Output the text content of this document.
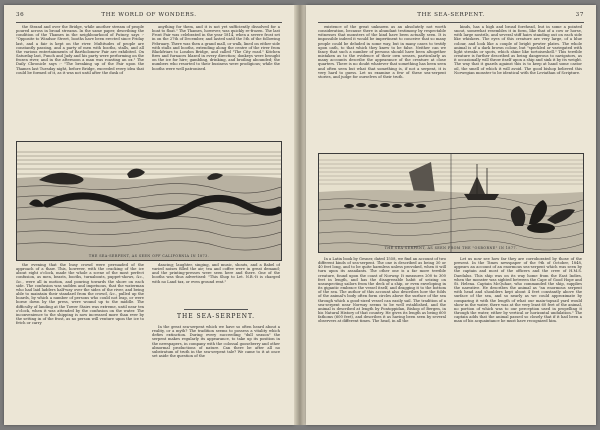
36	THE WORLD OF WONDERS.

the Strand and over the Bridge, while another stream of people poured across in broad streams. In the same paper, describing the condition of the Thames in the neighbourhood of Putney, says :- "Opposite to Windsor Street, booths have been erected since Friday last, and a fair is kept on the river. Multitudes of people are constantly passing, and a party of men with booths, stalls, and all the various entertainments of Bartholomew Fair are exhibited. On Saturday last, Punch and Judy and his party were performing on the frozen river, and in the afternoon a man was roasting an ox." The Daily Chronicle says :- "The breaking up of the Fair upon the Thames last Tuesday night, before Bridge, exceeded every idea that could be formed of it, as it was not until after the dusk of

anything for them, and it is not yet sufficiently dissolved for a boat to float." The Thames, however, was quickly re-frozen. The last Frost Fair was celebrated in the year 1814, when a severe frost set in on the 27th of December, and lasted until the 5th of the following February. There was then a grand mall, or walk, lined on either side with stalls and booths, extending along the centre of the river from Blackfriars to London Bridge, and called "The City road." Kitchen fires and furnaces blazed in every direction; donkeys were brought on the ice for hire; gambling, drinking, and broiling abounded; the numbers who resorted to their business were prodigious; while the booths were well patronised.

THE SEA-SERPENT, AS SEEN OFF CALIFORNIA IN 1873.

the evening that the busy crowd were persuaded of the approach of a thaw. This, however, with the cracking of the ice about eight o'clock, made the whole a scene of the most perfect confusion, as men, beasts, booths, turnabouts, puppet-shows, &c., &c., were all in motion, and pouring towards the shore on each side. The confusion was sudden and impetuous, that the waterman who had laid ladders half-way over the sides of the river, and being able to maintain their standard from the crowd, &c., pulled up the boards, by which a number of persons who could not leap, or were borne down by the press, were wound up to the middle. The difficulty of landing at the Tower Stairs was extreme, until near ten o'clock, when it was attended by the confusion on the water. The inconvenience to the shipping is now increased more than ever by the setting in of the frost, as no person will venture upon the ice to fetch or carry

dancing; laughter, singing, and music, shouts, and a Babel of varied noises filled the air; tea and coffee were in great demand; and the printing-presses were seen here and there. One of the booths was thus advertised: "This Shop to Let. N.B.-It is charged with no Land tax, or even ground rent."

THE SEA-SERPENT.

In the great sea-serpent which we have so often heard about a reality, or a myth? The tradition seems to possess a vitality which defies extinction. During every succeeding "dull season" the serpent makes regularly its appearance, to take up its position in the newspapers, in company with the colossal gooseberry and other abnormal productions of nature. Can there be after all no substratum of truth in the sea-serpent tale? We came to it at once set aside the question of the

THE SEA-SERPENT.	37

existence of the great unknown as an absolutely not worth consideration, because there is abundant testimony by respectable witnesses that monsters of the kind have been actually seen. It is impossible indeed it would be impertinent to conceive that so many people could be deluded in some way, but in many cases to testify upon oath, to that which they knew to be false. Neither can we fancy that such a number of persons should have been altogether mistaken as to the evidence of their own senses, particularly as many accounts describe the appearance of the creature at close quarters. There is no doubt whatever that something has been seen and often seen but what that something is, if not a serpent, it is very hard to guess. Let us examine a few of these sea-serpent stories, and judge for ourselves of their truth.

kinds, has a high and broad forehead, but in some a pointed snout, somewhat resembles it in form, like that of a cow or horse, with large nostrils, and several stiff hairs standing out on each side like whiskers. The eyes of this creature are very large, of a blue colour, and look like a couple of bright pewter plates. The whole animal is of a dark brown colour, but "speckled or variegated with light streaks or spots, which shine like tortoiseshell." This terrible creature is further described as being dangerous to navigators, as it occasionally will throw itself upon a ship and sink it by its weight. The way that it guards against this is to keep at hand some castor oil, the smell of which it will avoid. The good bishop believed this Norwegian monster to be identical with the Leviathan of Scripture.

THE SEA-SERPENT, AS SEEN FROM THE "OSBORNE" IN 1877.

In a Latin book by Gesner, dated 1558, we find an account of two different kinds of sea-serpent. The one is described as being 30 or 40 feet long, and to be quite harmless unless provoked, when it will turn upon its assailants. The other one is a far more terrible creature, found upon the coast of Norway. It measures 200 to 300 feet in length, and has the disagreeable habit of seizing on unsuspecting sailors from the deck of a ship, or even enveloping in its gigantic embrace the vessel itself, and dragging it to the bottom of the sea. The author of this account also describes how the folds of the animal's body often form circles above the surface of the sea through which a good-sized vessel can easily sail. The tradition of a sea-serpent near Norway seems to be well established, and the animal is described at length by Pontoppidan, Bishop of Bergen, in his Natural History of that country. He gives its length as being 600 fathoms (600 feet), and describes it as having been seen by several observers at different times. The head, in all the

Let us now see how far they are corroborated by those of the present. In the Times newspaper of the 9th of October, 1848, appears an account of an enormous sea-serpent which was seen by the captain and most of the officers and the crew of H.M.S. Daedalus. This ship was on its way home from the East Indies, when the monster was sighted between the Cape of Good Hope and St. Helena. Captain McQuhae, who commanded the ship, supplies the narrative. He describes the animal as "an enormous serpent with head and shoulders kept about 4 feet constantly above the surface of the sea, and so nearly as we could approximate by comparing it with the length of what our main-topsail yard would show in the water, there was at the very least 60 feet of the animal, no portion of which was to our perception used in propelling it through the water, either by vertical or horizontal undulation." The captain adds that the animal passed so closely that if it had been a man of his acquaintance he must have recognized him.
